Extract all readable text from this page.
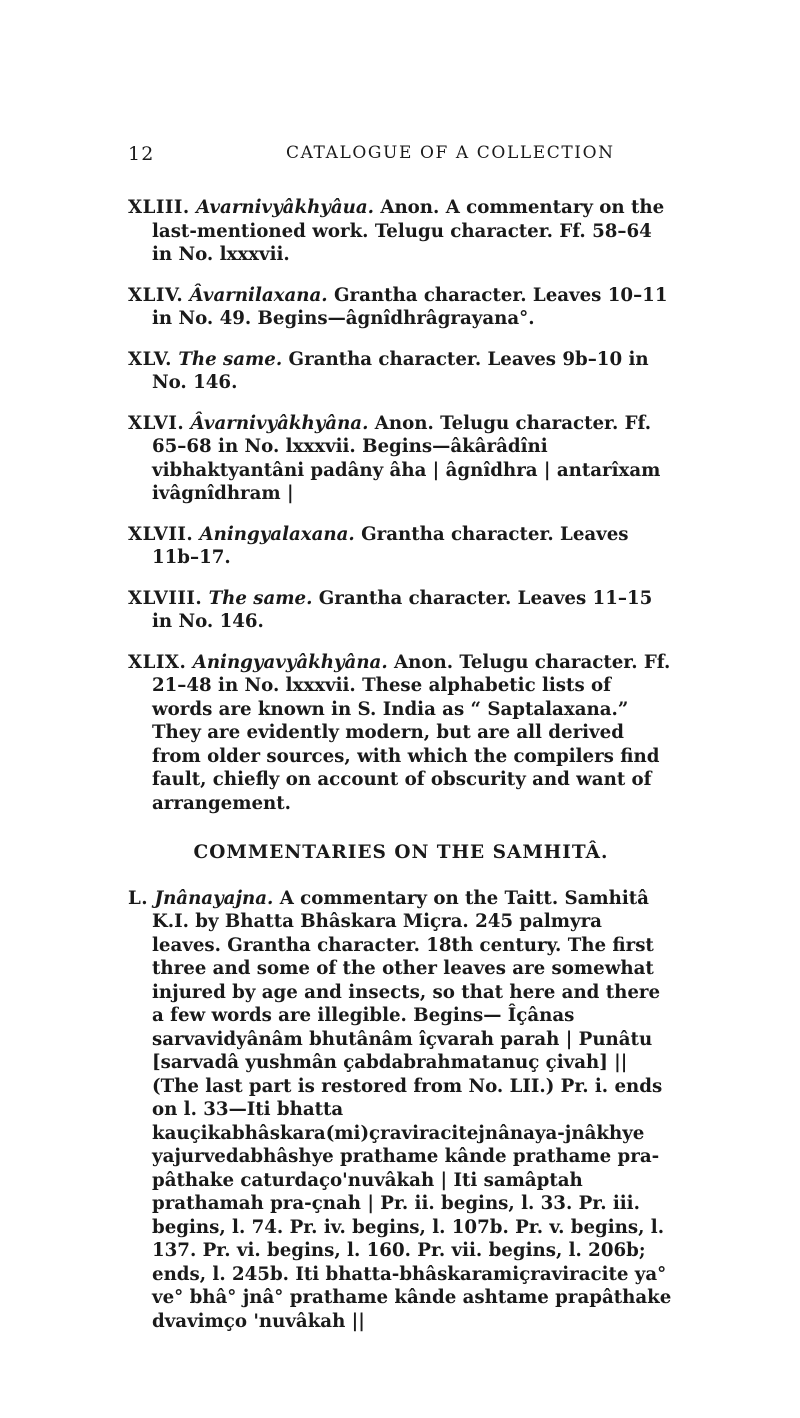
12	CATALOGUE OF A COLLECTION

XLIII. Avarnivyâkhyâua. Anon. A commentary on the last-mentioned work. Telugu character. Ff. 58–64 in No. lxxxvii.

XLIV. Âvarnilaxana. Grantha character. Leaves 10–11 in No. 49. Begins—âgnîdhrâgrayana°.

XLV. The same. Grantha character. Leaves 9b–10 in No. 146.

XLVI. Âvarnivyâkhyâna. Anon. Telugu character. Ff. 65–68 in No. lxxxvii. Begins—âkârâdîni vibhaktyantâni padâny âha | âgnîdhra | antarîxam ivâgnîdhram |

XLVII. Aningyalaxana. Grantha character. Leaves 11b–17.

XLVIII. The same. Grantha character. Leaves 11–15 in No. 146.

XLIX. Aningyavyâkhyâna. Anon. Telugu character. Ff. 21–48 in No. lxxxvii. These alphabetic lists of words are known in S. India as “ Saptalaxana.” They are evidently modern, but are all derived from older sources, with which the compilers find fault, chiefly on account of obscurity and want of arrangement.

COMMENTARIES ON THE SAMHITÂ.

L. Jnânayajna. A commentary on the Taitt. Samhitâ K.I. by Bhatta Bhâskara Miçra. 245 palmyra leaves. Grantha character. 18th century. The first three and some of the other leaves are somewhat injured by age and insects, so that here and there a few words are illegible. Begins— Îçânas sarvavidyânâm bhutânâm îçvarah parah | Punâtu [sarvadâ yushmân çabdabrahmatanuç çivah] || (The last part is restored from No. LII.) Pr. i. ends on l. 33—Iti bhatta kauçikabhâskara(mi)çraviracitejnânaya-jnâkhye yajurvedabhâshye prathame kânde prathame pra-pâthake caturdaço'nuvâkah | Iti samâptah prathamah pra-çnah | Pr. ii. begins, l. 33. Pr. iii. begins, l. 74. Pr. iv. begins, l. 107b. Pr. v. begins, l. 137. Pr. vi. begins, l. 160. Pr. vii. begins, l. 206b; ends, l. 245b. Iti bhatta-bhâskaramiçraviracite ya° ve° bhâ° jnâ° prathame kânde ashtame prapâthake dvavimço 'nuvâkah ||
